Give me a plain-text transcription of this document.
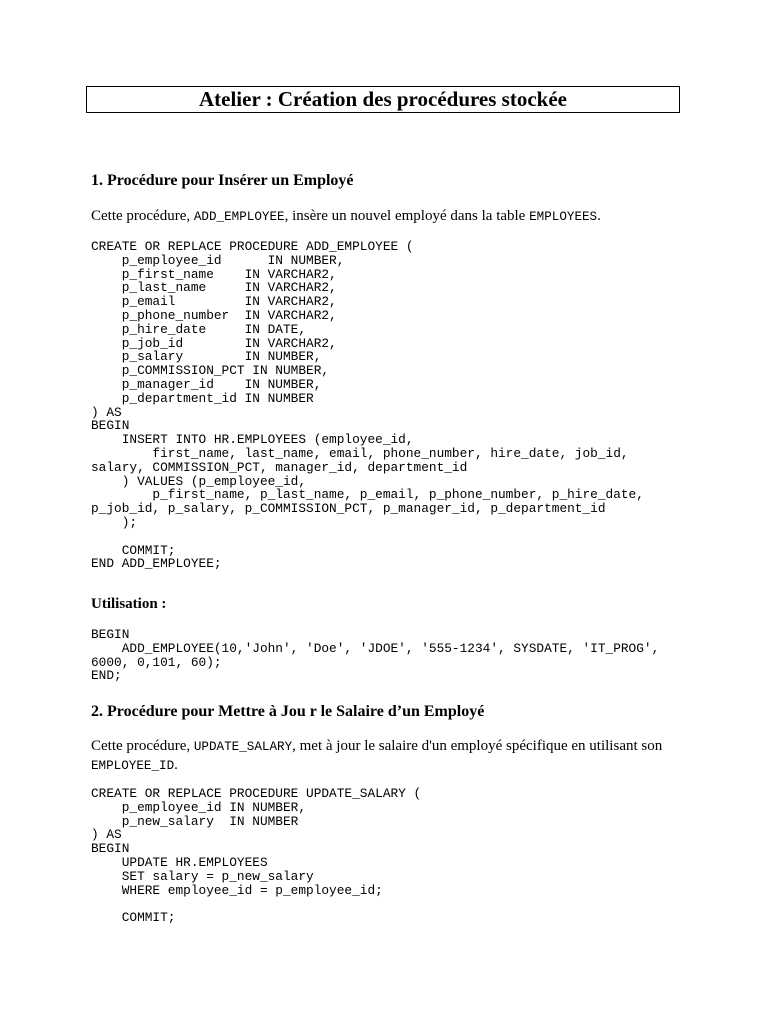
Atelier : Création des procédures stockée
1. Procédure pour Insérer un Employé
Cette procédure, ADD_EMPLOYEE, insère un nouvel employé dans la table EMPLOYEES.
CREATE OR REPLACE PROCEDURE ADD_EMPLOYEE (
p_employee_id      IN NUMBER,
p_first_name    IN VARCHAR2,
p_last_name     IN VARCHAR2,
p_email         IN VARCHAR2,
p_phone_number  IN VARCHAR2,
p_hire_date     IN DATE,
p_job_id        IN VARCHAR2,
p_salary        IN NUMBER,
p_COMMISSION_PCT IN NUMBER,
p_manager_id    IN NUMBER,
p_department_id IN NUMBER
) AS
BEGIN
INSERT INTO HR.EMPLOYEES (employee_id,
first_name, last_name, email, phone_number, hire_date, job_id,
salary, COMMISSION_PCT, manager_id, department_id
) VALUES (p_employee_id,
p_first_name, p_last_name, p_email, p_phone_number, p_hire_date,
p_job_id, p_salary, p_COMMISSION_PCT, p_manager_id, p_department_id
);

COMMIT;
END ADD_EMPLOYEE;
Utilisation :
BEGIN
ADD_EMPLOYEE(10,'John', 'Doe', 'JDOE', '555-1234', SYSDATE, 'IT_PROG',
6000, 0,101, 60);
END;
2. Procédure pour Mettre à Jou r le Salaire d’un Employé
Cette procédure, UPDATE_SALARY, met à jour le salaire d'un employé spécifique en utilisant son EMPLOYEE_ID.
CREATE OR REPLACE PROCEDURE UPDATE_SALARY (
p_employee_id IN NUMBER,
p_new_salary  IN NUMBER
) AS
BEGIN
UPDATE HR.EMPLOYEES
SET salary = p_new_salary
WHERE employee_id = p_employee_id;

COMMIT;
